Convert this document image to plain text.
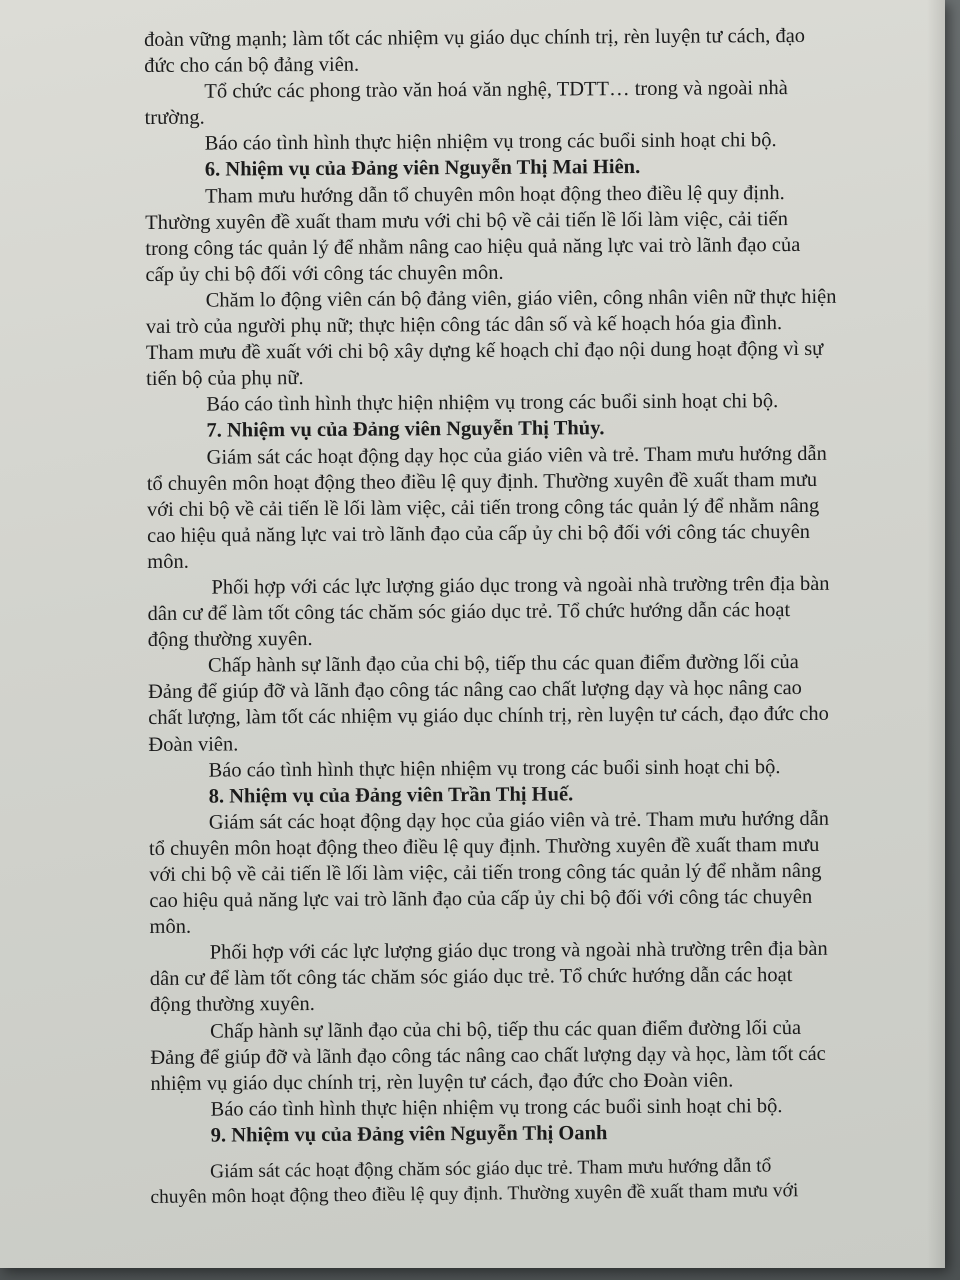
đoàn vững mạnh; làm tốt các nhiệm vụ giáo dục chính trị, rèn luyện tư cách, đạo
đức cho cán bộ đảng viên.
Tổ chức các phong trào văn hoá văn nghệ, TDTT… trong và ngoài nhà
trường.
Báo cáo tình hình thực hiện nhiệm vụ trong các buổi sinh hoạt chi bộ.
6. Nhiệm vụ của Đảng viên Nguyễn Thị Mai Hiên.
Tham mưu hướng dẫn tổ chuyên môn hoạt động theo điều lệ quy định.
Thường xuyên đề xuất tham mưu với chi bộ về cải tiến lề lối làm việc, cải tiến
trong công tác quản lý để nhằm nâng cao hiệu quả năng lực vai trò lãnh đạo của
cấp ủy chi bộ đối với công tác chuyên môn.
Chăm lo động viên cán bộ đảng viên, giáo viên, công nhân viên nữ thực hiện
vai trò của người phụ nữ; thực hiện công tác dân số và kế hoạch hóa gia đình.
Tham mưu đề xuất với chi bộ xây dựng kế hoạch chỉ đạo nội dung hoạt động vì sự
tiến bộ của phụ nữ.
Báo cáo tình hình thực hiện nhiệm vụ trong các buổi sinh hoạt chi bộ.
7. Nhiệm vụ của Đảng viên Nguyễn Thị Thủy.
Giám sát các hoạt động dạy học của giáo viên và trẻ. Tham mưu hướng dẫn
tổ chuyên môn hoạt động theo điều lệ quy định. Thường xuyên đề xuất tham mưu
với chi bộ về cải tiến lề lối làm việc, cải tiến trong công tác quản lý để nhằm nâng
cao hiệu quả năng lực vai trò lãnh đạo của cấp ủy chi bộ đối với công tác chuyên
môn.
Phối hợp với các lực lượng giáo dục trong và ngoài nhà trường trên địa bàn
dân cư để làm tốt công tác chăm sóc giáo dục trẻ. Tổ chức hướng dẫn các hoạt
động thường xuyên.
Chấp hành sự lãnh đạo của chi bộ, tiếp thu các quan điểm đường lối của
Đảng để giúp đỡ và lãnh đạo công tác nâng cao chất lượng dạy và học nâng cao
chất lượng, làm tốt các nhiệm vụ giáo dục chính trị, rèn luyện tư cách, đạo đức cho
Đoàn viên.
Báo cáo tình hình thực hiện nhiệm vụ trong các buổi sinh hoạt chi bộ.
8. Nhiệm vụ của Đảng viên Trần Thị Huế.
Giám sát các hoạt động dạy học của giáo viên và trẻ. Tham mưu hướng dẫn
tổ chuyên môn hoạt động theo điều lệ quy định. Thường xuyên đề xuất tham mưu
với chi bộ về cải tiến lề lối làm việc, cải tiến trong công tác quản lý để nhằm nâng
cao hiệu quả năng lực vai trò lãnh đạo của cấp ủy chi bộ đối với công tác chuyên
môn.
Phối hợp với các lực lượng giáo dục trong và ngoài nhà trường trên địa bàn
dân cư để làm tốt công tác chăm sóc giáo dục trẻ. Tổ chức hướng dẫn các hoạt
động thường xuyên.
Chấp hành sự lãnh đạo của chi bộ, tiếp thu các quan điểm đường lối của
Đảng để giúp đỡ và lãnh đạo công tác nâng cao chất lượng dạy và học, làm tốt các
nhiệm vụ giáo dục chính trị, rèn luyện tư cách, đạo đức cho Đoàn viên.
Báo cáo tình hình thực hiện nhiệm vụ trong các buổi sinh hoạt chi bộ.
9. Nhiệm vụ của Đảng viên Nguyễn Thị Oanh
Giám sát các hoạt động chăm sóc giáo dục trẻ. Tham mưu hướng dẫn tổ
chuyên môn hoạt động theo điều lệ quy định. Thường xuyên đề xuất tham mưu với
